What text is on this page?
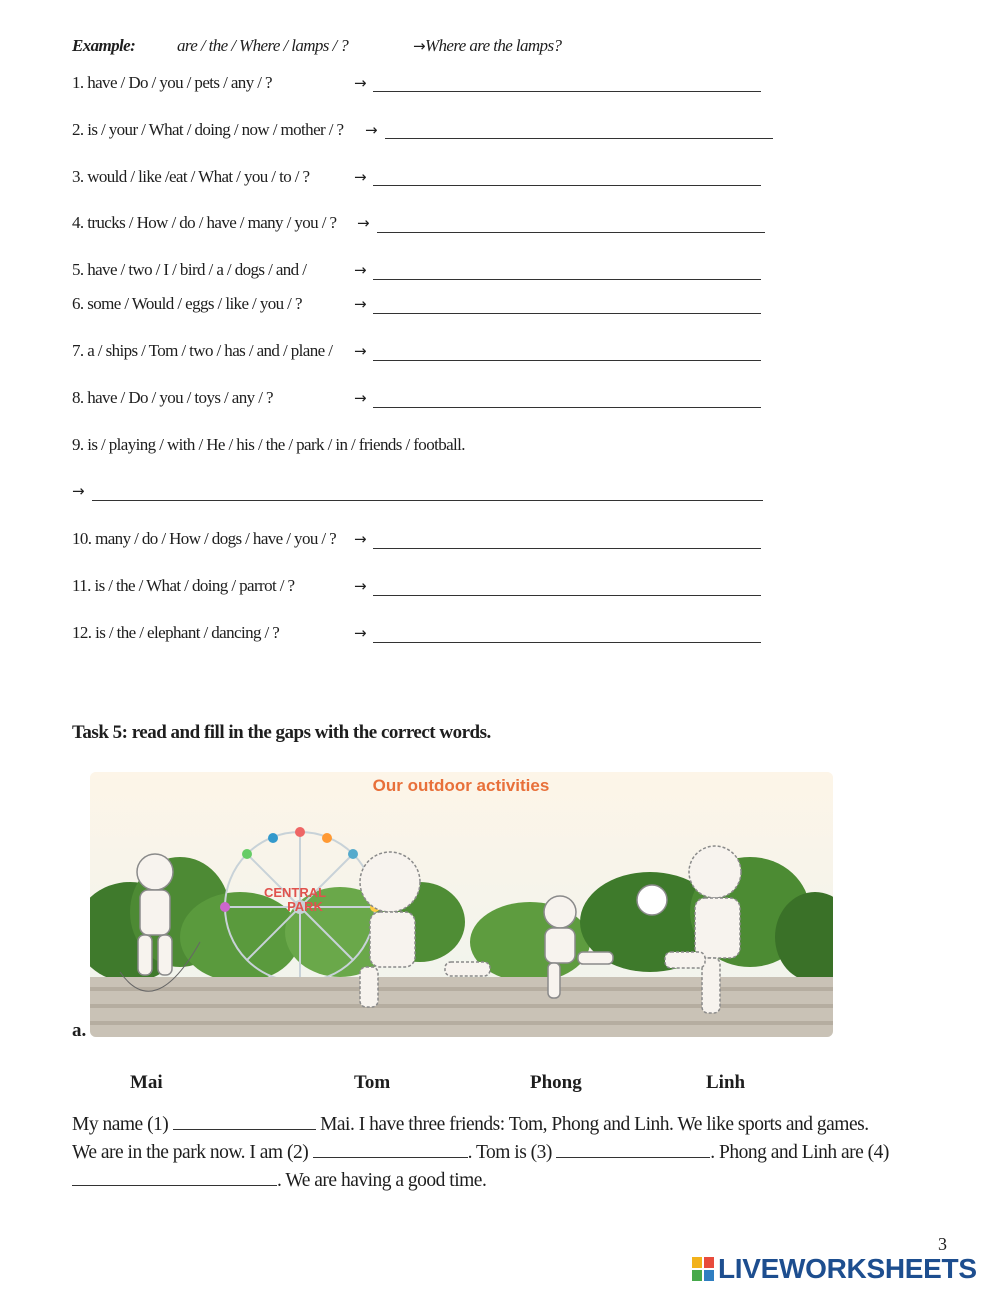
Example: are / the / Where / lamps / ?	→Where are the lamps?
1. have / Do / you / pets / any / ?	→
2. is / your / What / doing / now / mother / ? →
3. would / like /eat / What / you / to / ?	→
4. trucks / How / do / have / many / you / ? →
5. have / two / I / bird / a / dogs / and /	→
6. some / Would / eggs / like / you / ?	→
7. a / ships / Tom / two / has / and / plane / →
8. have / Do / you / toys / any / ?	→
9. is / playing / with / He / his / the / park / in / friends / football.
→
10. many / do / How / dogs / have / you / ? →
11. is / the / What / doing / parrot / ?	→
12. is / the / elephant / dancing / ?	→
Task 5: read and fill in the gaps with the correct words.
Our outdoor activities
CENTRAL
PARK
a.
Mai	Tom	Phong	Linh
My name (1)	Mai. I have three friends: Tom, Phong and Linh. We like sports and games.
We are in the park now. I am (2)	. Tom is (3)	. Phong and Linh are (4)
. We are having a good time.
3
LIVEWORKSHEETS
